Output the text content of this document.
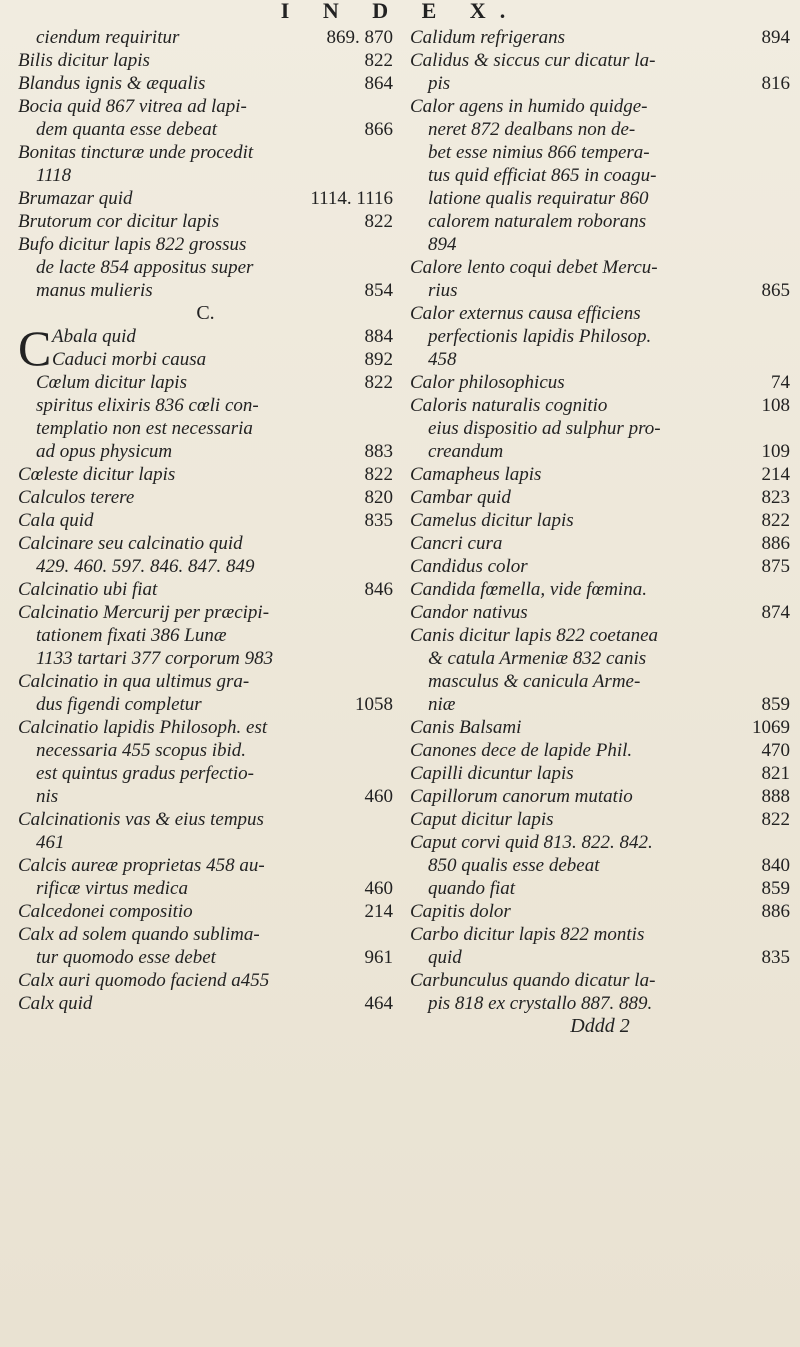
I N D E X.
ciendum requiritur	869. 870
Bilis dicitur lapis	822
Blandus ignis & æqualis	864
Bocia quid 867 vitrea ad lapi-
dem quanta esse debeat	866
Bonitas tincturæ unde procedit
1118
Brumazar quid	1114. 1116
Brutorum cor dicitur lapis	822
Bufo dicitur lapis 822 grossus
de lacte 854 appositus super
manus mulieris	854
C.
C Abala quid	884
Caduci morbi causa	892
Cœlum dicitur lapis	822
spiritus elixiris 836 cœli con-
templatio non est necessaria
ad opus physicum	883
Cœleste dicitur lapis	822
Calculos terere	820
Cala quid	835
Calcinare seu calcinatio quid
429. 460. 597. 846. 847. 849
Calcinatio ubi fiat	846
Calcinatio Mercurij per præcipi-
tationem fixati 386 Lunæ
1133 tartari 377 corporum 983
Calcinatio in qua ultimus gra-
dus figendi completur	1058
Calcinatio lapidis Philosoph. est
necessaria 455 scopus ibid.
est quintus gradus perfectio-
nis	460
Calcinationis vas & eius tempus
461
Calcis aureæ proprietas 458 au-
rificæ virtus medica	460
Calcedonei compositio	214
Calx ad solem quando sublima-
tur quomodo esse debet	961
Calx auri quomodo faciend a455
Calx quid	464
Calidum refrigerans	894
Calidus & siccus cur dicatur la-
pis	816
Calor agens in humido quidge-
neret 872 dealbans non de-
bet esse nimius 866 tempera-
tus quid efficiat 865 in coagu-
latione qualis requiratur 860
calorem naturalem roborans
894
Calore lento coqui debet Mercu-
rius	865
Calor externus causa efficiens
perfectionis lapidis Philosop.
458
Calor philosophicus	74
Caloris naturalis cognitio	108
eius dispositio ad sulphur pro-
creandum	109
Camapheus lapis	214
Cambar quid	823
Camelus dicitur lapis	822
Cancri cura	886
Candidus color	875
Candida fœmella, vide fœmina.
Candor nativus	874
Canis dicitur lapis 822 coetanea
& catula Armeniæ 832 canis
masculus & canicula Arme-
niæ	859
Canis Balsami	1069
Canones dece de lapide Phil.	470
Capilli dicuntur lapis	821
Capillorum canorum mutatio	888
Caput dicitur lapis	822
Caput corvi quid 813. 822. 842.
850 qualis esse debeat	840
quando fiat	859
Capitis dolor	886
Carbo dicitur lapis 822 montis
quid	835
Carbunculus quando dicatur la-
pis 818 ex crystallo 887. 889.
Dddd 2
